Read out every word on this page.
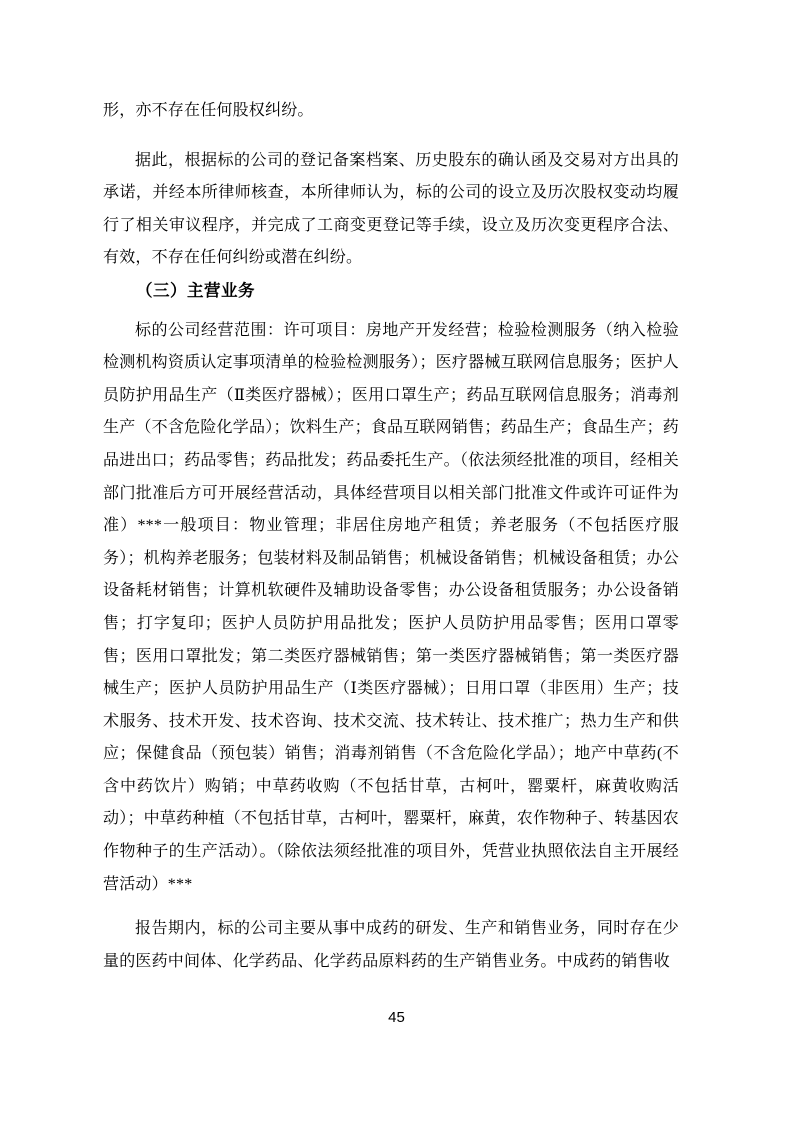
形，亦不存在任何股权纠纷。

据此，根据标的公司的登记备案档案、历史股东的确认函及交易对方出具的承诺，并经本所律师核查，本所律师认为，标的公司的设立及历次股权变动均履行了相关审议程序，并完成了工商变更登记等手续，设立及历次变更程序合法、有效，不存在任何纠纷或潜在纠纷。

（三）主营业务

标的公司经营范围：许可项目：房地产开发经营；检验检测服务（纳入检验检测机构资质认定事项清单的检验检测服务）；医疗器械互联网信息服务；医护人员防护用品生产（Ⅱ类医疗器械）；医用口罩生产；药品互联网信息服务；消毒剂生产（不含危险化学品）；饮料生产；食品互联网销售；药品生产；食品生产；药品进出口；药品零售；药品批发；药品委托生产。（依法须经批准的项目，经相关部门批准后方可开展经营活动，具体经营项目以相关部门批准文件或许可证件为准）***一般项目：物业管理；非居住房地产租赁；养老服务（不包括医疗服务）；机构养老服务；包装材料及制品销售；机械设备销售；机械设备租赁；办公设备耗材销售；计算机软硬件及辅助设备零售；办公设备租赁服务；办公设备销售；打字复印；医护人员防护用品批发；医护人员防护用品零售；医用口罩零售；医用口罩批发；第二类医疗器械销售；第一类医疗器械销售；第一类医疗器械生产；医护人员防护用品生产（Ⅰ类医疗器械）；日用口罩（非医用）生产；技术服务、技术开发、技术咨询、技术交流、技术转让、技术推广；热力生产和供应；保健食品（预包装）销售；消毒剂销售（不含危险化学品）；地产中草药(不含中药饮片）购销；中草药收购（不包括甘草，古柯叶，罂粟杆，麻黄收购活动）；中草药种植（不包括甘草，古柯叶，罂粟杆，麻黄，农作物种子、转基因农作物种子的生产活动）。（除依法须经批准的项目外，凭营业执照依法自主开展经营活动）***

报告期内，标的公司主要从事中成药的研发、生产和销售业务，同时存在少量的医药中间体、化学药品、化学药品原料药的生产销售业务。中成药的销售收

45
